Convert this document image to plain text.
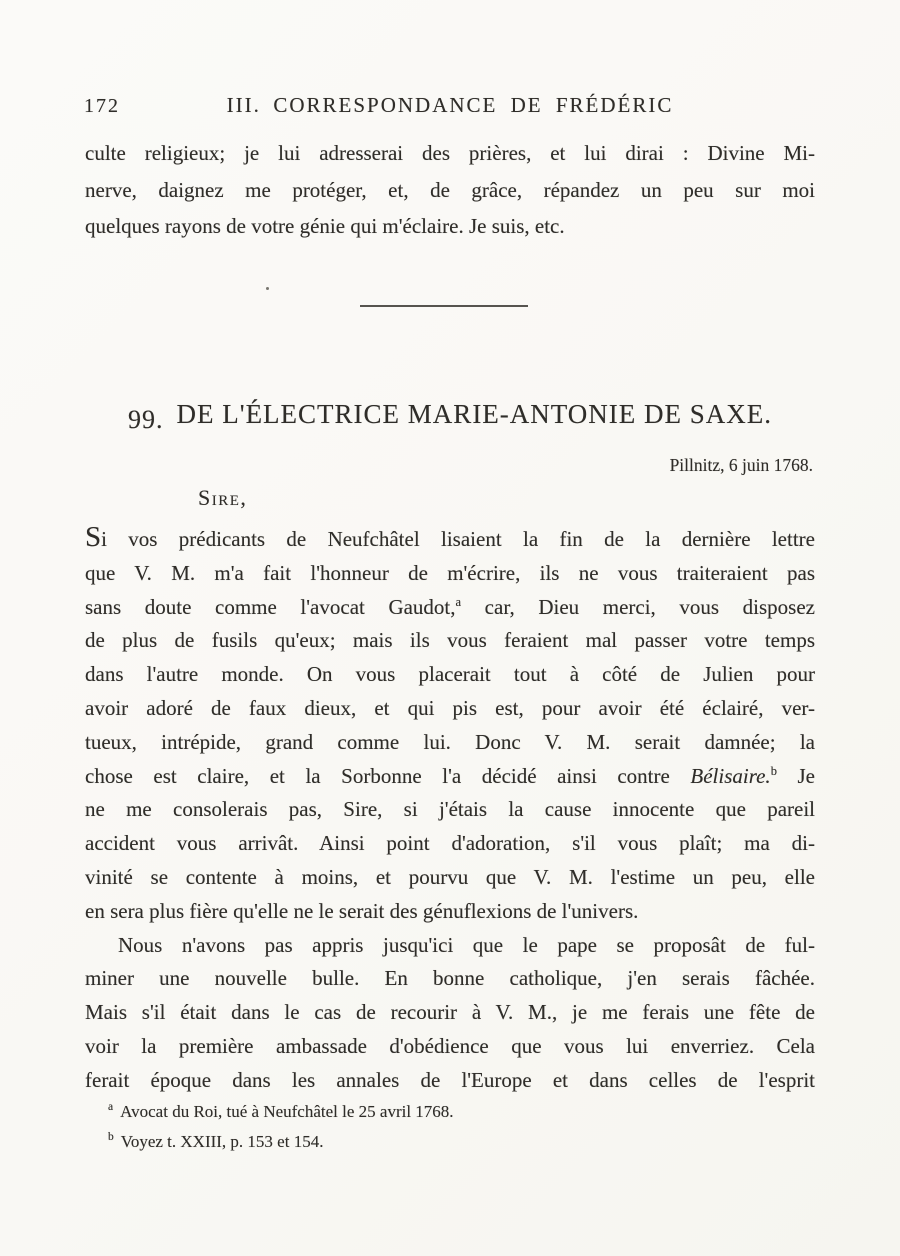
172	III. CORRESPONDANCE DE FRÉDÉRIC
culte religieux; je lui adresserai des prières, et lui dirai : Divine Mi-
nerve, daignez me protéger, et, de grâce, répandez un peu sur moi
quelques rayons de votre génie qui m'éclaire. Je suis, etc.
99. DE L'ÉLECTRICE MARIE-ANTONIE DE SAXE.
Pillnitz, 6 juin 1768.
Sire,
Si vos prédicants de Neufchâtel lisaient la fin de la dernière lettre
que V. M. m'a fait l'honneur de m'écrire, ils ne vous traiteraient pas
sans doute comme l'avocat Gaudot,$^a$ car, Dieu merci, vous disposez
de plus de fusils qu'eux; mais ils vous feraient mal passer votre temps
dans l'autre monde. On vous placerait tout à côté de Julien pour
avoir adoré de faux dieux, et qui pis est, pour avoir été éclairé, ver-
tueux, intrépide, grand comme lui. Donc V. M. serait damnée; la
chose est claire, et la Sorbonne l'a décidé ainsi contre Bélisaire.$^b$ Je
ne me consolerais pas, Sire, si j'étais la cause innocente que pareil
accident vous arrivât. Ainsi point d'adoration, s'il vous plaît; ma di-
vinité se contente à moins, et pourvu que V. M. l'estime un peu, elle
en sera plus fière qu'elle ne le serait des génuflexions de l'univers.
Nous n'avons pas appris jusqu'ici que le pape se proposât de ful-
miner une nouvelle bulle. En bonne catholique, j'en serais fâchée.
Mais s'il était dans le cas de recourir à V. M., je me ferais une fête de
voir la première ambassade d'obédience que vous lui enverriez. Cela
ferait époque dans les annales de l'Europe et dans celles de l'esprit
$^a$ Avocat du Roi, tué à Neufchâtel le 25 avril 1768.
$^b$ Voyez t. XXIII, p. 153 et 154.
